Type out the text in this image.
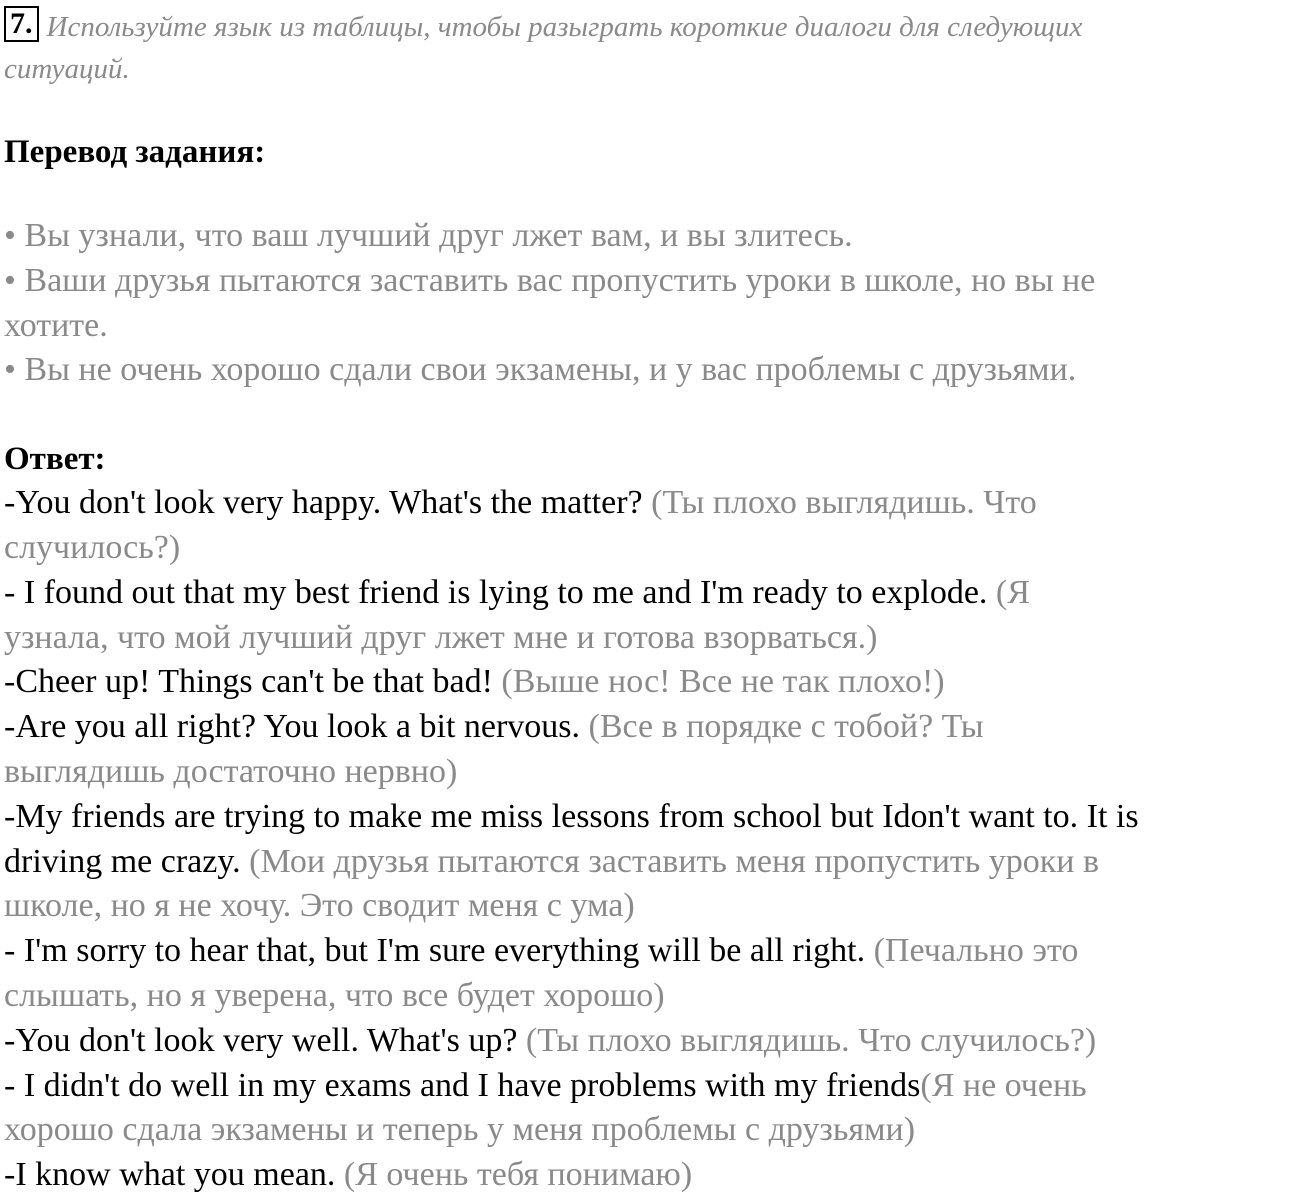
7. Используйте язык из таблицы, чтобы разыграть короткие диалоги для следующих
ситуаций.
Перевод задания:
• Вы узнали, что ваш лучший друг лжет вам, и вы злитесь.
• Ваши друзья пытаются заставить вас пропустить уроки в школе, но вы не
хотите.
• Вы не очень хорошо сдали свои экзамены, и у вас проблемы с друзьями.
Ответ:
-You don't look very happy. What's the matter? (Ты плохо выглядишь. Что
случилось?)
- I found out that my best friend is lying to me and I'm ready to explode. (Я
узнала, что мой лучший друг лжет мне и готова взорваться.)
-Cheer up! Things can't be that bad! (Выше нос! Все не так плохо!)
-Are you all right? You look a bit nervous. (Все в порядке с тобой? Ты
выглядишь достаточно нервно)
-My friends are trying to make me miss lessons from school but Idon't want to. It is
driving me crazy. (Мои друзья пытаются заставить меня пропустить уроки в
школе, но я не хочу. Это сводит меня с ума)
- I'm sorry to hear that, but I'm sure everything will be all right. (Печально это
слышать, но я уверена, что все будет хорошо)
-You don't look very well. What's up? (Ты плохо выглядишь. Что случилось?)
- I didn't do well in my exams and I have problems with my friends(Я не очень
хорошо сдала экзамены и теперь у меня проблемы с друзьями)
-I know what you mean. (Я очень тебя понимаю)
